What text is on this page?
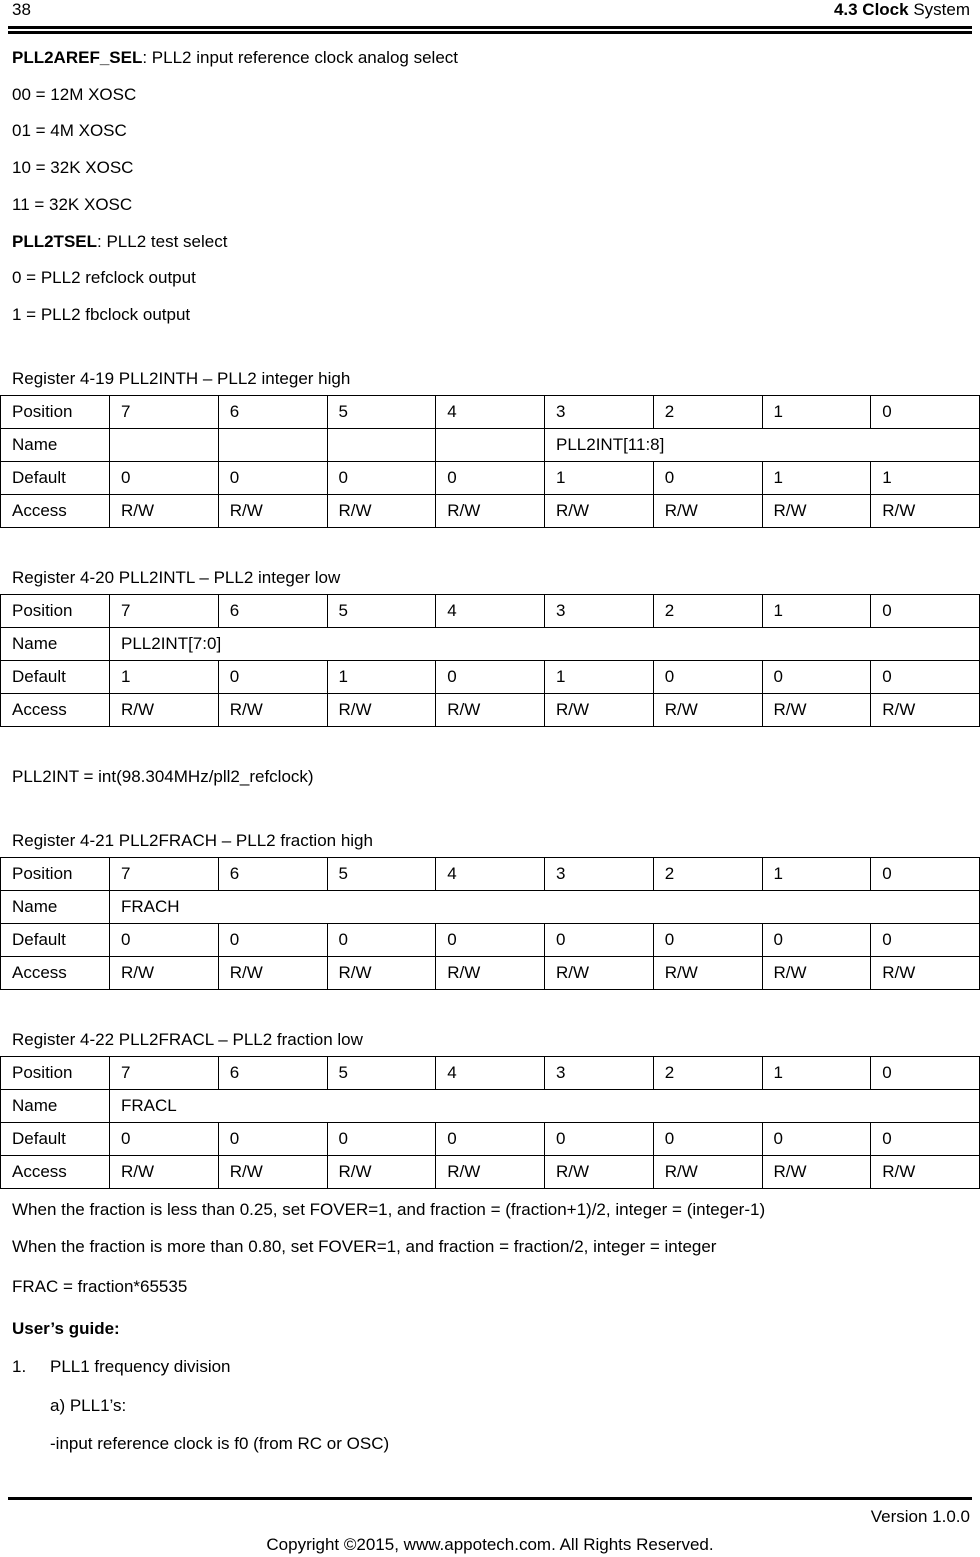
38	4.3 Clock System
PLL2AREF_SEL: PLL2 input reference clock analog select
00 = 12M XOSC
01 = 4M XOSC
10 = 32K XOSC
11 = 32K XOSC
PLL2TSEL: PLL2 test select
0 = PLL2 refclock output
1 = PLL2 fbclock output
Register 4-19 PLL2INTH – PLL2 integer high
Position	7	6	5	4	3	2	1	0
Name					PLL2INT[11:8]			
Default	0	0	0	0	1	0	1	1
Access	R/W	R/W	R/W	R/W	R/W	R/W	R/W	R/W
Register 4-20 PLL2INTL – PLL2 integer low
Position	7	6	5	4	3	2	1	0
Name	PLL2INT[7:0]							
Default	1	0	1	0	1	0	0	0
Access	R/W	R/W	R/W	R/W	R/W	R/W	R/W	R/W
PLL2INT = int(98.304MHz/pll2_refclock)
Register 4-21 PLL2FRACH – PLL2 fraction high
Position	7	6	5	4	3	2	1	0
Name	FRACH							
Default	0	0	0	0	0	0	0	0
Access	R/W	R/W	R/W	R/W	R/W	R/W	R/W	R/W
Register 4-22 PLL2FRACL – PLL2 fraction low
Position	7	6	5	4	3	2	1	0
Name	FRACL							
Default	0	0	0	0	0	0	0	0
Access	R/W	R/W	R/W	R/W	R/W	R/W	R/W	R/W
When the fraction is less than 0.25, set FOVER=1, and fraction = (fraction+1)/2, integer = (integer-1)
When the fraction is more than 0.80, set FOVER=1, and fraction = fraction/2, integer = integer
FRAC = fraction*65535
User’s guide:
1. PLL1 frequency division
a) PLL1’s:
-input reference clock is f0 (from RC or OSC)
Version 1.0.0
Copyright ©2015, www.appotech.com. All Rights Reserved.
